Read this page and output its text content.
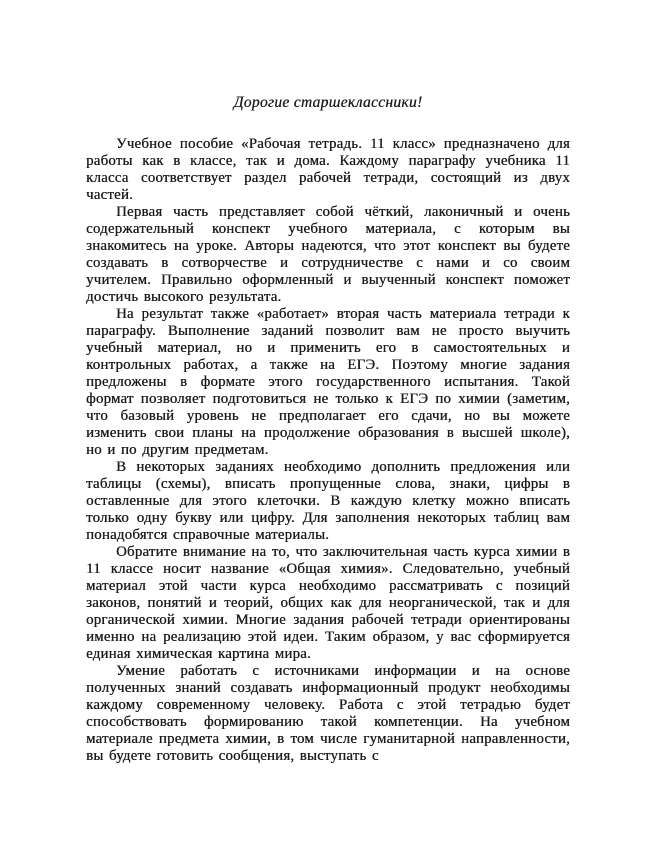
Дорогие старшеклассники!

Учебное пособие «Рабочая тетрадь. 11 класс» предназначено для работы как в классе, так и дома. Каждому параграфу учебника 11 класса соответствует раздел рабочей тетради, состоящий из двух частей.

Первая часть представляет собой чёткий, лаконичный и очень содержательный конспект учебного материала, с которым вы знакомитесь на уроке. Авторы надеются, что этот конспект вы будете создавать в сотворчестве и сотрудничестве с нами и со своим учителем. Правильно оформленный и выученный конспект поможет достичь высокого результата.

На результат также «работает» вторая часть материала тетради к параграфу. Выполнение заданий позволит вам не просто выучить учебный материал, но и применить его в самостоятельных и контрольных работах, а также на ЕГЭ. Поэтому многие задания предложены в формате этого государственного испытания. Такой формат позволяет подготовиться не только к ЕГЭ по химии (заметим, что базовый уровень не предполагает его сдачи, но вы можете изменить свои планы на продолжение образования в высшей школе), но и по другим предметам.

В некоторых заданиях необходимо дополнить предложения или таблицы (схемы), вписать пропущенные слова, знаки, цифры в оставленные для этого клеточки. В каждую клетку можно вписать только одну букву или цифру. Для заполнения некоторых таблиц вам понадобятся справочные материалы.

Обратите внимание на то, что заключительная часть курса химии в 11 классе носит название «Общая химия». Следовательно, учебный материал этой части курса необходимо рассматривать с позиций законов, понятий и теорий, общих как для неорганической, так и для органической химии. Многие задания рабочей тетради ориентированы именно на реализацию этой идеи. Таким образом, у вас сформируется единая химическая картина мира.

Умение работать с источниками информации и на основе полученных знаний создавать информационный продукт необходимы каждому современному человеку. Работа с этой тетрадью будет способствовать формированию такой компетенции. На учебном материале предмета химии, в том числе гуманитарной направленности, вы будете готовить сообщения, выступать с
